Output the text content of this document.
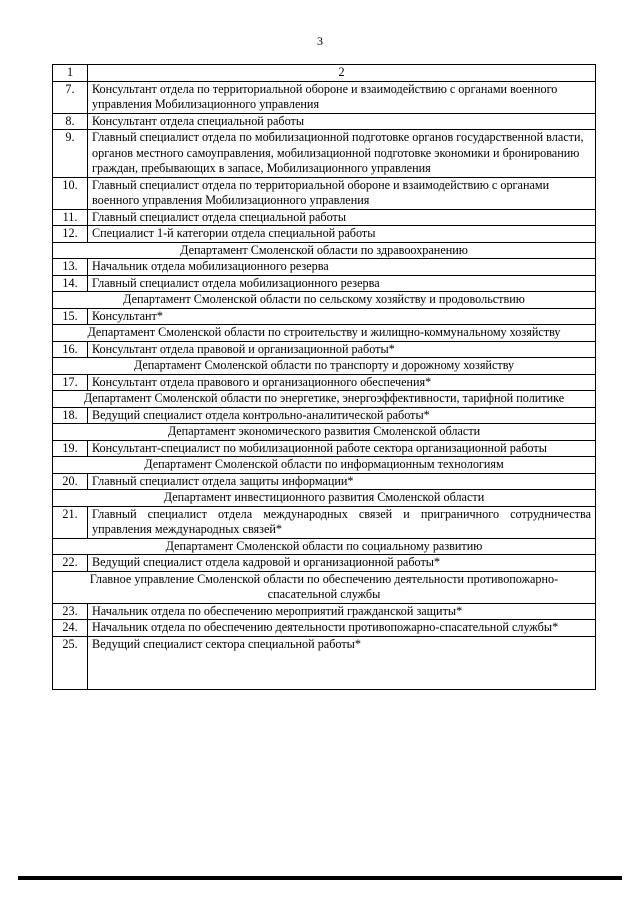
3
1	2
7.	Консультант отдела по территориальной обороне и взаимодействию с органами военного управления Мобилизационного управления
8.	Консультант отдела специальной работы
9.	Главный специалист отдела по мобилизационной подготовке органов государственной власти, органов местного самоуправления, мобилизационной подготовке экономики и бронированию граждан, пребывающих в запасе, Мобилизационного управления
10.	Главный специалист отдела по территориальной обороне и взаимодействию с органами военного управления Мобилизационного управления
11.	Главный специалист отдела специальной работы
12.	Специалист 1-й категории отдела специальной работы
Департамент Смоленской области по здравоохранению	
13.	Начальник отдела мобилизационного резерва
14.	Главный специалист отдела мобилизационного резерва
Департамент Смоленской области по сельскому хозяйству и продовольствию	
15.	Консультант*
Департамент Смоленской области по строительству и жилищно-коммунальному хозяйству	
16.	Консультант отдела правовой и организационной работы*
Департамент Смоленской области по транспорту и дорожному хозяйству	
17.	Консультант отдела правового и организационного обеспечения*
Департамент Смоленской области по энергетике, энергоэффективности, тарифной политике	
18.	Ведущий специалист отдела контрольно-аналитической работы*
Департамент экономического развития Смоленской области	
19.	Консультант-специалист по мобилизационной работе сектора организационной работы
Департамент Смоленской области по информационным технологиям	
20.	Главный специалист отдела защиты информации*
Департамент инвестиционного развития Смоленской области	
21.	Главный специалист отдела международных связей и приграничного сотрудничества управления международных связей*
Департамент Смоленской области по социальному развитию	
22.	Ведущий специалист отдела кадровой и организационной работы*
Главное управление Смоленской области по обеспечению деятельности противопожарно-спасательной службы	
23.	Начальник отдела по обеспечению мероприятий гражданской защиты*
24.	Начальник отдела по обеспечению деятельности противопожарно-спасательной службы*
25.	Ведущий специалист сектора специальной работы*
